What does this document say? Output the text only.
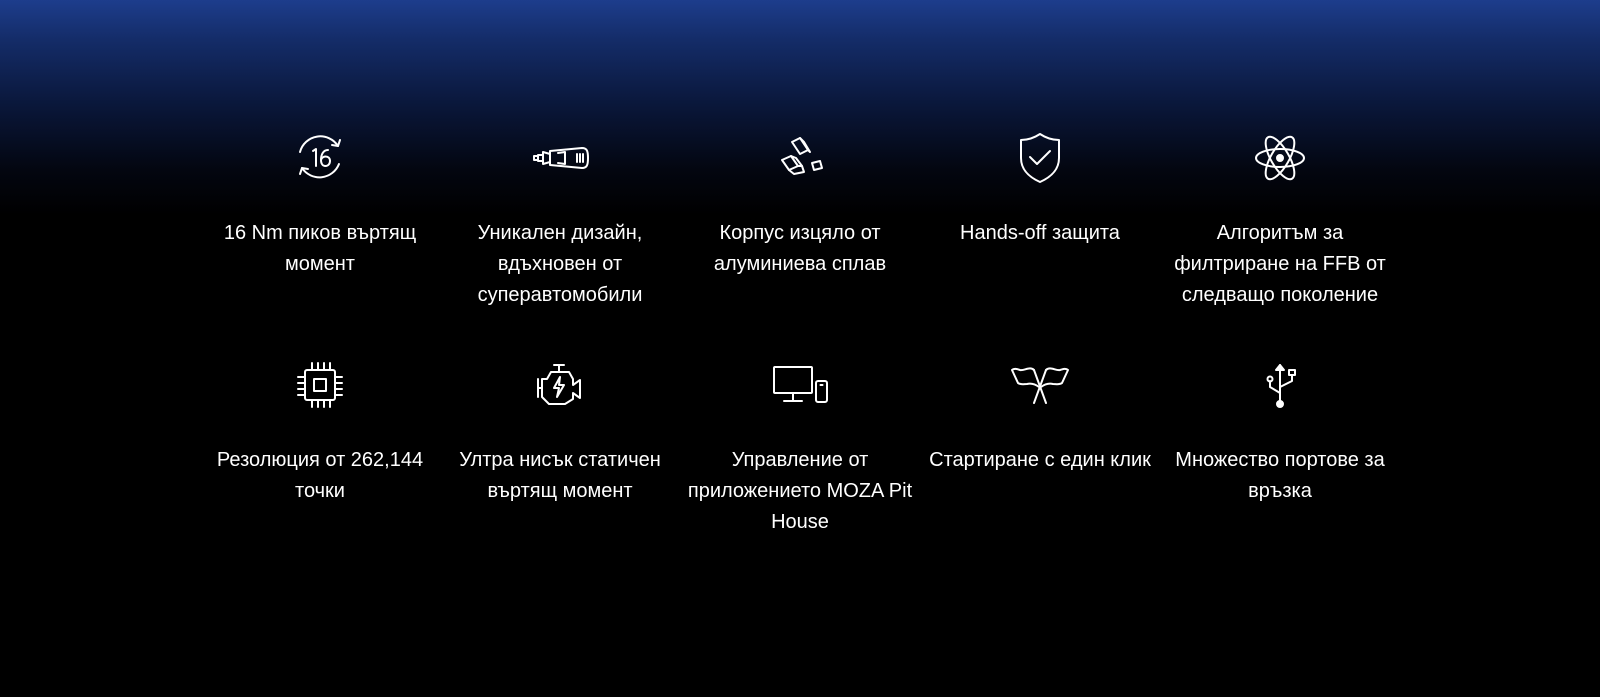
16 Nm пиков въртящ момент
Уникален дизайн, вдъхновен от суперавтомобили
Корпус изцяло от алуминиева сплав
Hands-off защита	Алгоритъм за филтриране на FFB от следващо поколение
Резолюция от 262,144 точки
Ултра нисък статичен въртящ момент
Управление от приложението MOZA Pit House
Стартиране с един клик	Множество портове за връзка
